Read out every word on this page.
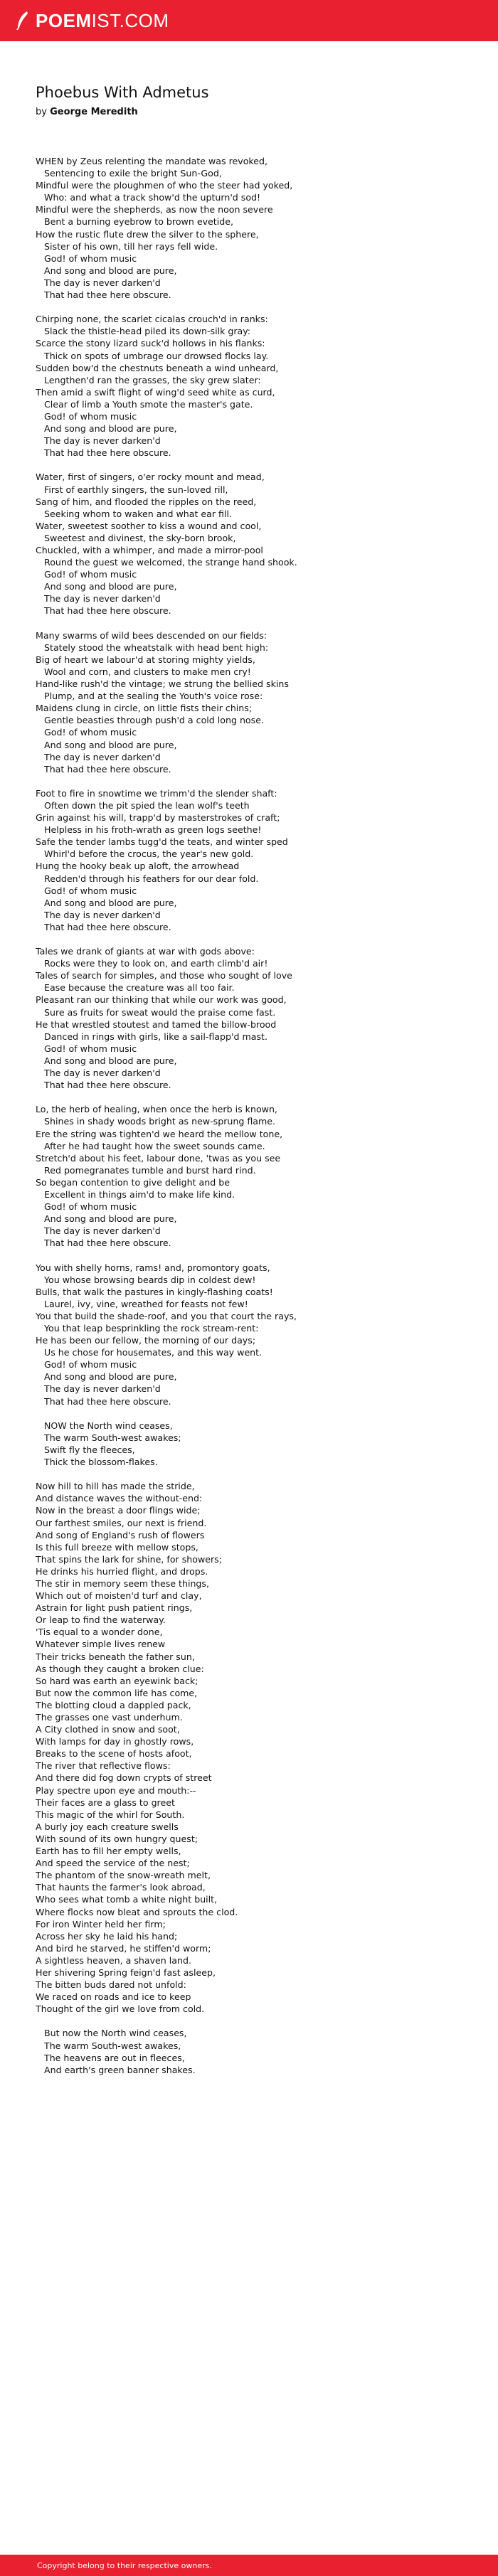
POEMIST.COM
Phoebus With Admetus
by George Meredith
WHEN by Zeus relenting the mandate was revoked,
Sentencing to exile the bright Sun-God,
Mindful were the ploughmen of who the steer had yoked,
Who: and what a track show'd the upturn'd sod!
Mindful were the shepherds, as now the noon severe
Bent a burning eyebrow to brown evetide,
How the rustic flute drew the silver to the sphere,
Sister of his own, till her rays fell wide.
God! of whom music
And song and blood are pure,
The day is never darken'd
That had thee here obscure.
Chirping none, the scarlet cicalas crouch'd in ranks:
Slack the thistle-head piled its down-silk gray:
Scarce the stony lizard suck'd hollows in his flanks:
Thick on spots of umbrage our drowsed flocks lay.
Sudden bow'd the chestnuts beneath a wind unheard,
Lengthen'd ran the grasses, the sky grew slater:
Then amid a swift flight of wing'd seed white as curd,
Clear of limb a Youth smote the master's gate.
God! of whom music
And song and blood are pure,
The day is never darken'd
That had thee here obscure.
Water, first of singers, o'er rocky mount and mead,
First of earthly singers, the sun-loved rill,
Sang of him, and flooded the ripples on the reed,
Seeking whom to waken and what ear fill.
Water, sweetest soother to kiss a wound and cool,
Sweetest and divinest, the sky-born brook,
Chuckled, with a whimper, and made a mirror-pool
Round the guest we welcomed, the strange hand shook.
God! of whom music
And song and blood are pure,
The day is never darken'd
That had thee here obscure.
Many swarms of wild bees descended on our fields:
Stately stood the wheatstalk with head bent high:
Big of heart we labour'd at storing mighty yields,
Wool and corn, and clusters to make men cry!
Hand-like rush'd the vintage; we strung the bellied skins
Plump, and at the sealing the Youth's voice rose:
Maidens clung in circle, on little fists their chins;
Gentle beasties through push'd a cold long nose.
God! of whom music
And song and blood are pure,
The day is never darken'd
That had thee here obscure.
Foot to fire in snowtime we trimm'd the slender shaft:
Often down the pit spied the lean wolf's teeth
Grin against his will, trapp'd by masterstrokes of craft;
Helpless in his froth-wrath as green logs seethe!
Safe the tender lambs tugg'd the teats, and winter sped
Whirl'd before the crocus, the year's new gold.
Hung the hooky beak up aloft, the arrowhead
Redden'd through his feathers for our dear fold.
God! of whom music
And song and blood are pure,
The day is never darken'd
That had thee here obscure.
Tales we drank of giants at war with gods above:
Rocks were they to look on, and earth climb'd air!
Tales of search for simples, and those who sought of love
Ease because the creature was all too fair.
Pleasant ran our thinking that while our work was good,
Sure as fruits for sweat would the praise come fast.
He that wrestled stoutest and tamed the billow-brood
Danced in rings with girls, like a sail-flapp'd mast.
God! of whom music
And song and blood are pure,
The day is never darken'd
That had thee here obscure.
Lo, the herb of healing, when once the herb is known,
Shines in shady woods bright as new-sprung flame.
Ere the string was tighten'd we heard the mellow tone,
After he had taught how the sweet sounds came.
Stretch'd about his feet, labour done, 'twas as you see
Red pomegranates tumble and burst hard rind.
So began contention to give delight and be
Excellent in things aim'd to make life kind.
God! of whom music
And song and blood are pure,
The day is never darken'd
That had thee here obscure.
You with shelly horns, rams! and, promontory goats,
You whose browsing beards dip in coldest dew!
Bulls, that walk the pastures in kingly-flashing coats!
Laurel, ivy, vine, wreathed for feasts not few!
You that build the shade-roof, and you that court the rays,
You that leap besprinkling the rock stream-rent:
He has been our fellow, the morning of our days;
Us he chose for housemates, and this way went.
God! of whom music
And song and blood are pure,
The day is never darken'd
That had thee here obscure.
NOW the North wind ceases,
The warm South-west awakes;
Swift fly the fleeces,
Thick the blossom-flakes.
Now hill to hill has made the stride,
And distance waves the without-end:
Now in the breast a door flings wide;
Our farthest smiles, our next is friend.
And song of England's rush of flowers
Is this full breeze with mellow stops,
That spins the lark for shine, for showers;
He drinks his hurried flight, and drops.
The stir in memory seem these things,
Which out of moisten'd turf and clay,
Astrain for light push patient rings,
Or leap to find the waterway.
'Tis equal to a wonder done,
Whatever simple lives renew
Their tricks beneath the father sun,
As though they caught a broken clue:
So hard was earth an eyewink back;
But now the common life has come,
The blotting cloud a dappled pack,
The grasses one vast underhum.
A City clothed in snow and soot,
With lamps for day in ghostly rows,
Breaks to the scene of hosts afoot,
The river that reflective flows:
And there did fog down crypts of street
Play spectre upon eye and mouth:--
Their faces are a glass to greet
This magic of the whirl for South.
A burly joy each creature swells
With sound of its own hungry quest;
Earth has to fill her empty wells,
And speed the service of the nest;
The phantom of the snow-wreath melt,
That haunts the farmer's look abroad,
Who sees what tomb a white night built,
Where flocks now bleat and sprouts the clod.
For iron Winter held her firm;
Across her sky he laid his hand;
And bird he starved, he stiffen'd worm;
A sightless heaven, a shaven land.
Her shivering Spring feign'd fast asleep,
The bitten buds dared not unfold:
We raced on roads and ice to keep
Thought of the girl we love from cold.
But now the North wind ceases,
The warm South-west awakes,
The heavens are out in fleeces,
And earth's green banner shakes.
Copyright belong to their respective owners.
